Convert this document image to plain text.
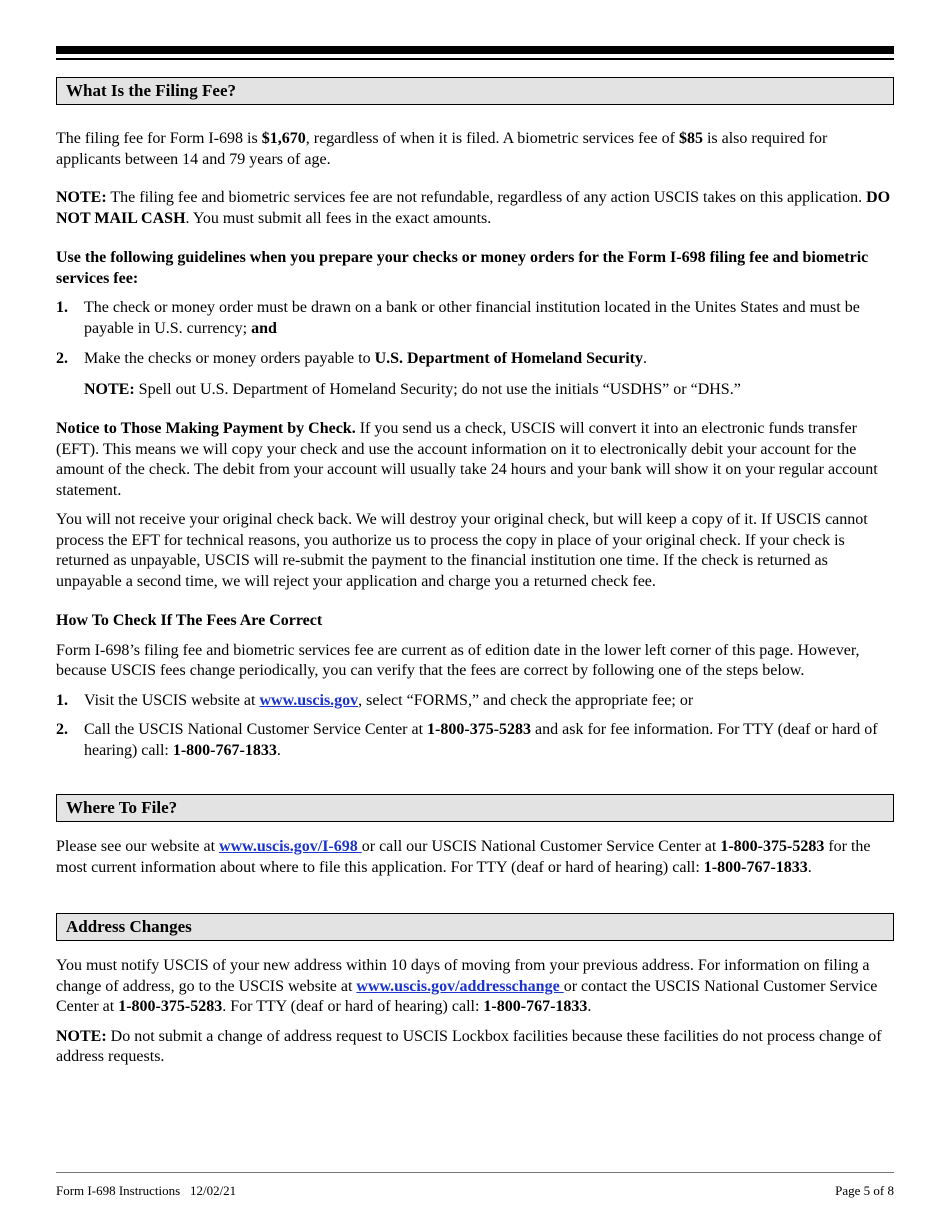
What Is the Filing Fee?

The filing fee for Form I-698 is $1,670, regardless of when it is filed. A biometric services fee of $85 is also required for applicants between 14 and 79 years of age.

NOTE: The filing fee and biometric services fee are not refundable, regardless of any action USCIS takes on this application. DO NOT MAIL CASH. You must submit all fees in the exact amounts.

Use the following guidelines when you prepare your checks or money orders for the Form I-698 filing fee and biometric services fee:

1.	The check or money order must be drawn on a bank or other financial institution located in the Unites States and must be payable in U.S. currency; and
2.	Make the checks or money orders payable to U.S. Department of Homeland Security.

NOTE: Spell out U.S. Department of Homeland Security; do not use the initials “USDHS” or “DHS.”

Notice to Those Making Payment by Check. If you send us a check, USCIS will convert it into an electronic funds transfer (EFT). This means we will copy your check and use the account information on it to electronically debit your account for the amount of the check. The debit from your account will usually take 24 hours and your bank will show it on your regular account statement.

You will not receive your original check back. We will destroy your original check, but will keep a copy of it. If USCIS cannot process the EFT for technical reasons, you authorize us to process the copy in place of your original check. If your check is returned as unpayable, USCIS will re-submit the payment to the financial institution one time. If the check is returned as unpayable a second time, we will reject your application and charge you a returned check fee.

How To Check If The Fees Are Correct

Form I-698’s filing fee and biometric services fee are current as of edition date in the lower left corner of this page. However, because USCIS fees change periodically, you can verify that the fees are correct by following one of the steps below.

1.	Visit the USCIS website at www.uscis.gov, select “FORMS,” and check the appropriate fee; or
2.	Call the USCIS National Customer Service Center at 1-800-375-5283 and ask for fee information. For TTY (deaf or hard of hearing) call: 1-800-767-1833.
Where To File?

Please see our website at www.uscis.gov/I-698 or call our USCIS National Customer Service Center at 1-800-375-5283 for the most current information about where to file this application. For TTY (deaf or hard of hearing) call: 1-800-767-1833.

Address Changes

You must notify USCIS of your new address within 10 days of moving from your previous address. For information on filing a change of address, go to the USCIS website at www.uscis.gov/addresschange or contact the USCIS National Customer Service Center at 1-800-375-5283. For TTY (deaf or hard of hearing) call: 1-800-767-1833.

NOTE: Do not submit a change of address request to USCIS Lockbox facilities because these facilities do not process change of address requests.

Form I-698 Instructions   12/02/21	Page 5 of 8
